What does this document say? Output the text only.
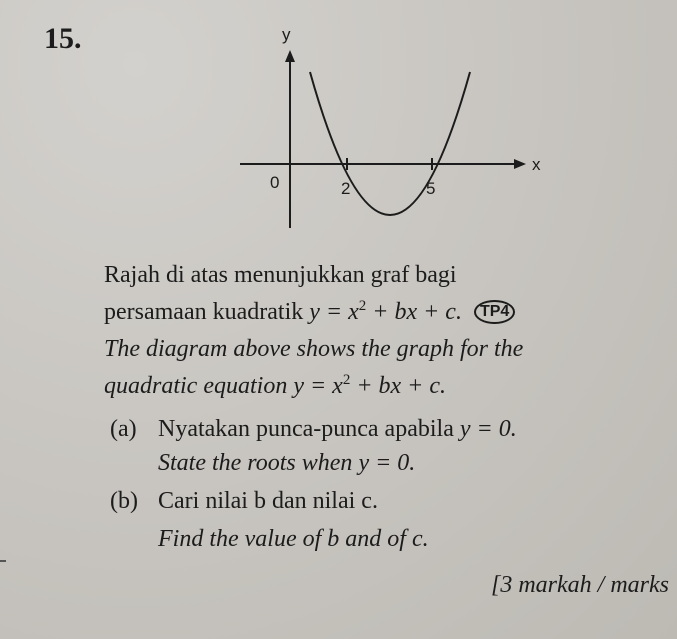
15.	y
x
0	2	5
Rajah di atas menunjukkan graf bagi
persamaan kuadratik $y = x^2$ + bx + c. TP4
The diagram above shows the graph for the
quadratic equation $y = x^2$ + bx + c.
(a) Nyatakan punca-punca apabila y = 0.
State the roots when y = 0.
(b) Cari nilai b dan nilai c.
Find the value of b and of c.
[3 markah / marks
